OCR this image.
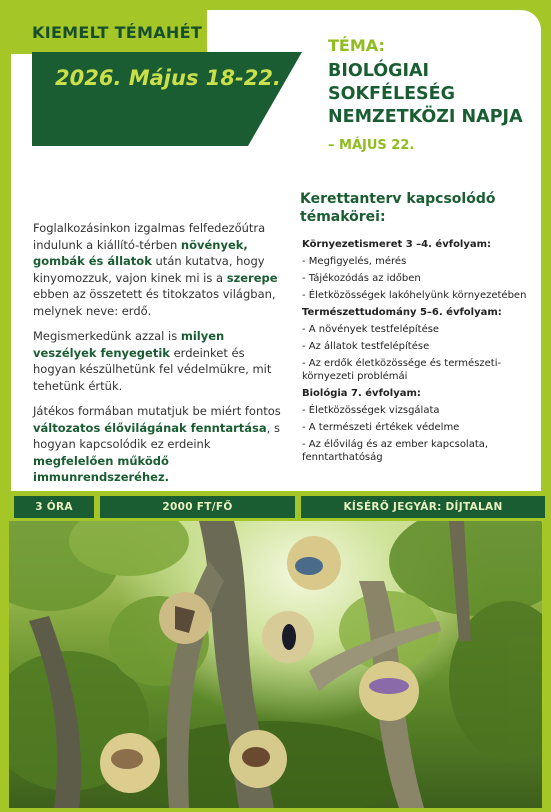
KIEMELT TÉMAHÉT
2026. Május 18-22.
TÉMA:
BIOLÓGIAI
SOKFÉLESÉG
NEMZETKÖZI NAPJA
– MÁJUS 22.

Foglalkozásinkon izgalmas felfedezőútra indulunk a kiállító-térben növények, gombák és állatok után kutatva, hogy kinyomozzuk, vajon kinek mi is a szerepe ebben az összetett és titokzatos világban, melynek neve: erdő.

Megismerkedünk azzal is milyen veszélyek fenyegetik erdeinket és hogyan készülhetünk fel védelmükre, mit tehetünk értük.

Játékos formában mutatjuk be miért fontos változatos élővilágának fenntartása, s hogyan kapcsolódik ez erdeink megfelelően működő immunrendszeréhez.

Kerettanterv kapcsolódó témakörei:
Környezetismeret 3 –4. évfolyam:
- Megfigyelés, mérés
- Tájékozódás az időben
- Életközösségek lakóhelyünk környezetében
Természettudomány 5–6. évfolyam:
- A növények testfelépítése
- Az állatok testfelépítése
- Az erdők életközössége és természeti-környezeti problémái
Biológia 7. évfolyam:
- Életközösségek vizsgálata
- A természeti értékek védelme
- Az élővilág és az ember kapcsolata, fenntarthatóság
3 ÓRA	2000 FT/FŐ	KÍSÉRŐ JEGYÁR: DÍJTALAN
